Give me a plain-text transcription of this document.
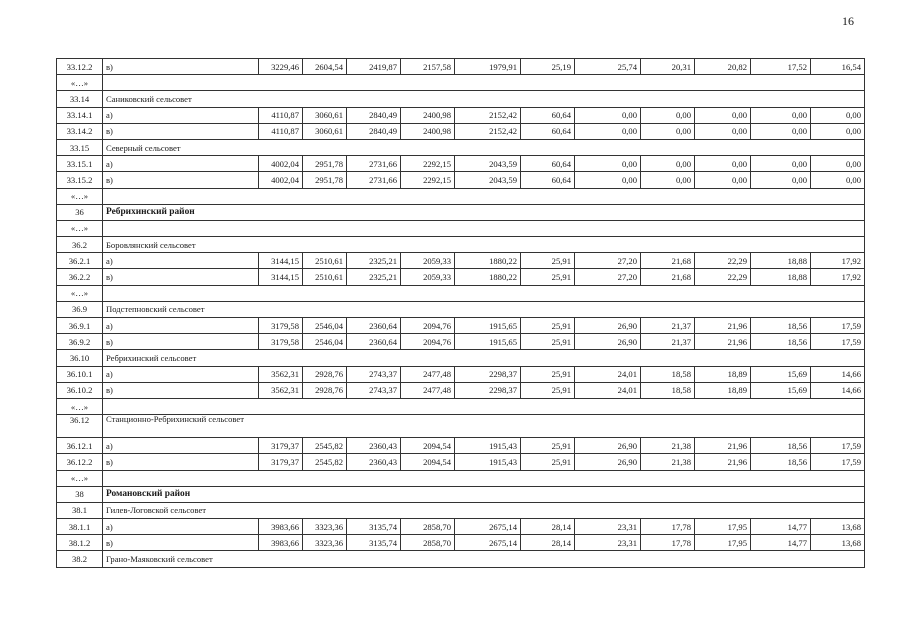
16
33.12.2	в)	3229,46	2604,54	2419,87	2157,58	1979,91	25,19	25,74	20,31	20,82	17,52	16,54
«…»												
33.14	Саниковский сельсовет											
33.14.1	а)	4110,87	3060,61	2840,49	2400,98	2152,42	60,64	0,00	0,00	0,00	0,00	0,00
33.14.2	в)	4110,87	3060,61	2840,49	2400,98	2152,42	60,64	0,00	0,00	0,00	0,00	0,00
33.15	Северный сельсовет											
33.15.1	а)	4002,04	2951,78	2731,66	2292,15	2043,59	60,64	0,00	0,00	0,00	0,00	0,00
33.15.2	в)	4002,04	2951,78	2731,66	2292,15	2043,59	60,64	0,00	0,00	0,00	0,00	0,00
«…»												
36	Ребрихинский район											
«…»												
36.2	Боровлянский сельсовет											
36.2.1	а)	3144,15	2510,61	2325,21	2059,33	1880,22	25,91	27,20	21,68	22,29	18,88	17,92
36.2.2	в)	3144,15	2510,61	2325,21	2059,33	1880,22	25,91	27,20	21,68	22,29	18,88	17,92
«…»												
36.9	Подстепновский сельсовет											
36.9.1	а)	3179,58	2546,04	2360,64	2094,76	1915,65	25,91	26,90	21,37	21,96	18,56	17,59
36.9.2	в)	3179,58	2546,04	2360,64	2094,76	1915,65	25,91	26,90	21,37	21,96	18,56	17,59
36.10	Ребрихинский сельсовет											
36.10.1	а)	3562,31	2928,76	2743,37	2477,48	2298,37	25,91	24,01	18,58	18,89	15,69	14,66
36.10.2	в)	3562,31	2928,76	2743,37	2477,48	2298,37	25,91	24,01	18,58	18,89	15,69	14,66
«…»												
36.12	Станционно-Ребрихинский сельсовет											
36.12.1	а)	3179,37	2545,82	2360,43	2094,54	1915,43	25,91	26,90	21,38	21,96	18,56	17,59
36.12.2	в)	3179,37	2545,82	2360,43	2094,54	1915,43	25,91	26,90	21,38	21,96	18,56	17,59
«…»												
38	Романовский район											
38.1	Гилев-Логовской сельсовет											
38.1.1	а)	3983,66	3323,36	3135,74	2858,70	2675,14	28,14	23,31	17,78	17,95	14,77	13,68
38.1.2	в)	3983,66	3323,36	3135,74	2858,70	2675,14	28,14	23,31	17,78	17,95	14,77	13,68
38.2	Грано-Маяковский сельсовет											
